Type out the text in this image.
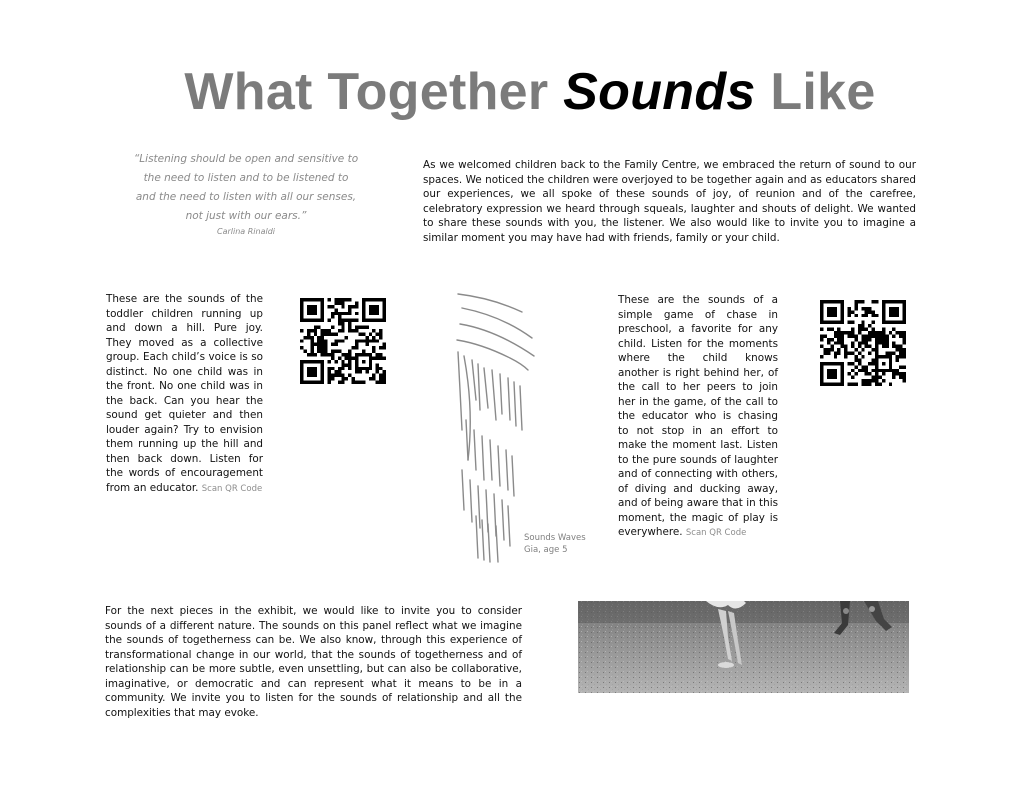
What Together Sounds Like
“Listening should be open and sensitive to
the need to listen and to be listened to
and the need to listen with all our senses,
not just with our ears.”
Carlina Rinaldi
As we welcomed children back to the Family Centre, we embraced the return of sound to our spaces. We noticed the children were overjoyed to be together again and as educators shared our experiences, we all spoke of these sounds of joy, of reunion and of the carefree, celebratory expression we heard through squeals, laughter and shouts of delight. We wanted to share these sounds with you, the listener. We also would like to invite you to imagine a similar moment you may have had with friends, family or your child.
These are the sounds of the toddler children running up and down a hill. Pure joy. They moved as a collective group. Each child’s voice is so distinct. No one child was in the front. No one child was in the back. Can you hear the sound get quieter and then louder again? Try to envision them running up the hill and then back down. Listen for the words of encouragement from an educator. Scan QR Code
Sounds Waves
Gia, age 5
These are the sounds of a simple game of chase in preschool, a favorite for any child. Listen for the moments where the child knows another is right behind her, of the call to her peers to join her in the game, of the call to the educator who is chasing to not stop in an effort to make the moment last. Listen to the pure sounds of laughter and of connecting with others, of diving and ducking away, and of being aware that in this moment, the magic of play is everywhere. Scan QR Code
For the next pieces in the exhibit, we would like to invite you to consider sounds of a different nature. The sounds on this panel reflect what we imagine the sounds of togetherness can be. We also know, through this experience of transformational change in our world, that the sounds of togetherness and of relationship can be more subtle, even unsettling, but can also be collaborative, imaginative, or democratic and can represent what it means to be in a community. We invite you to listen for the sounds of relationship and all the complexities that may evoke.
